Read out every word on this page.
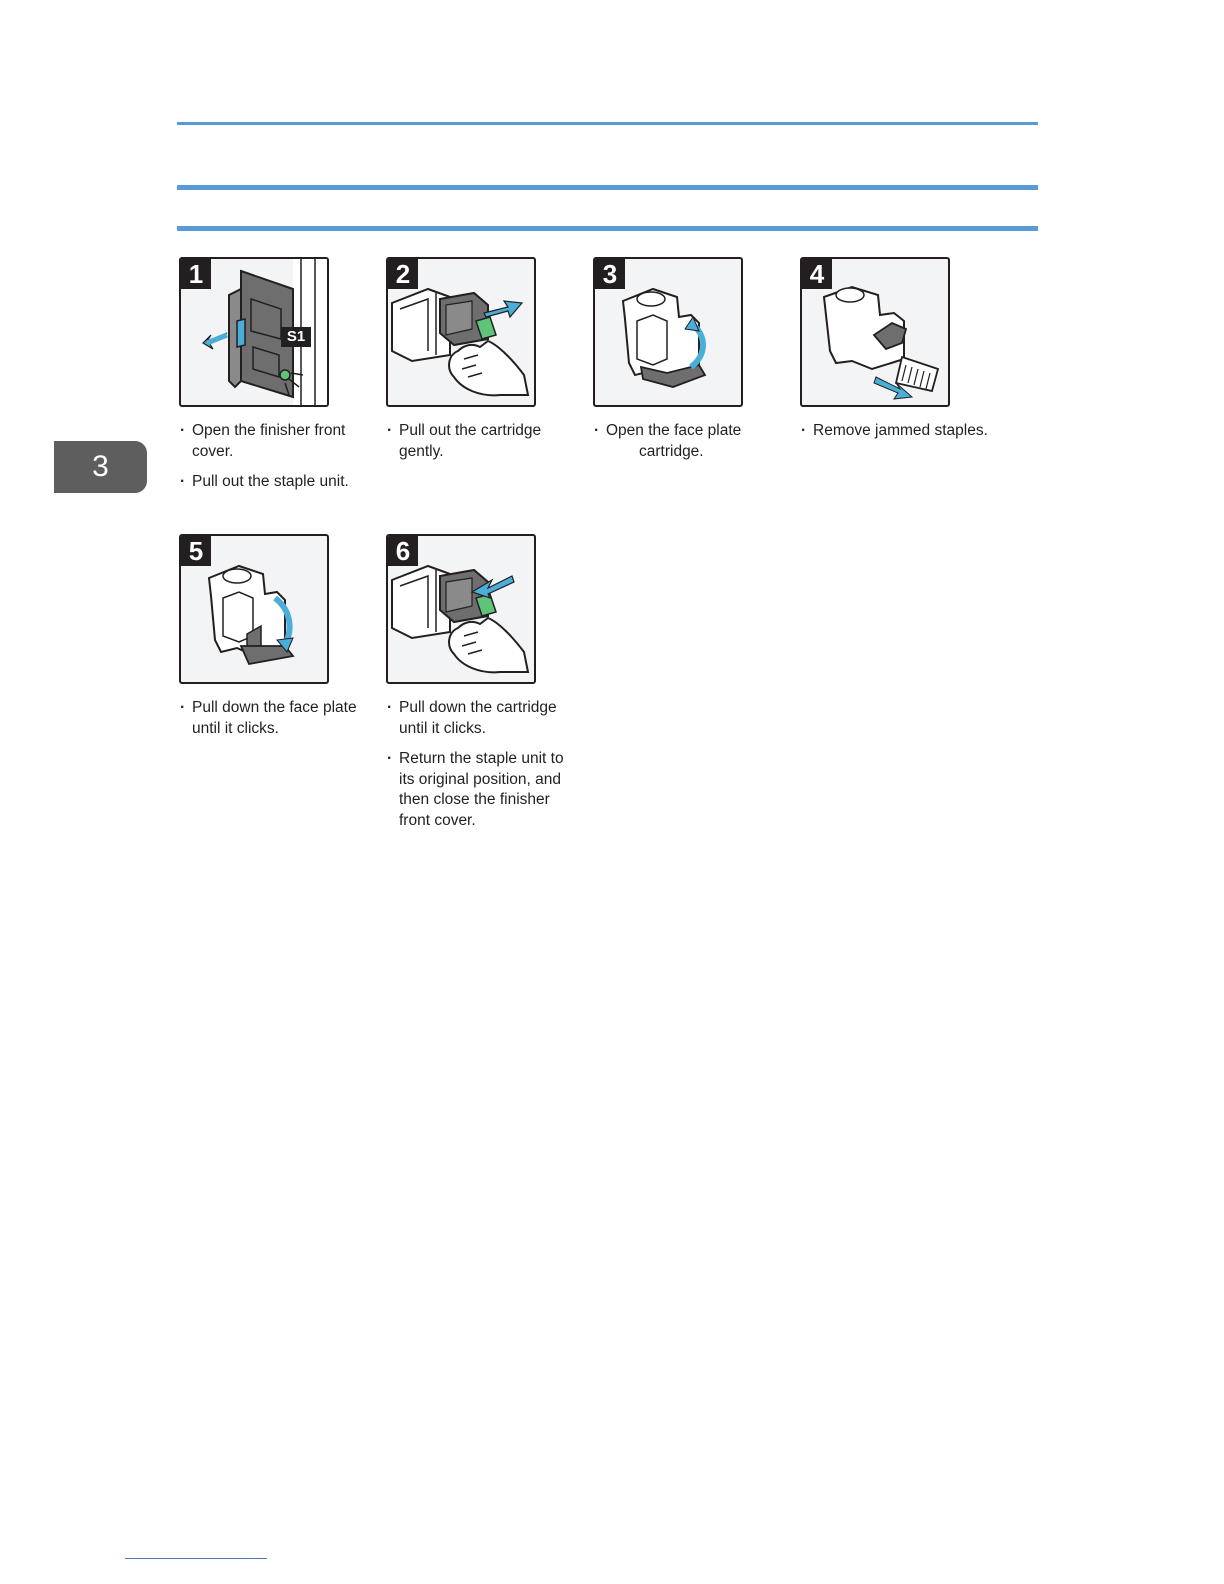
3
1
S1
· Open the finisher front cover.
· Pull out the staple unit.
2
· Pull out the cartridge gently.
3
· Open the face plate
cartridge.
4
· Remove jammed staples.
5
· Pull down the face plate until it clicks.
6
· Pull down the cartridge until it clicks.
· Return the staple unit to its original position, and then close the finisher front cover.
